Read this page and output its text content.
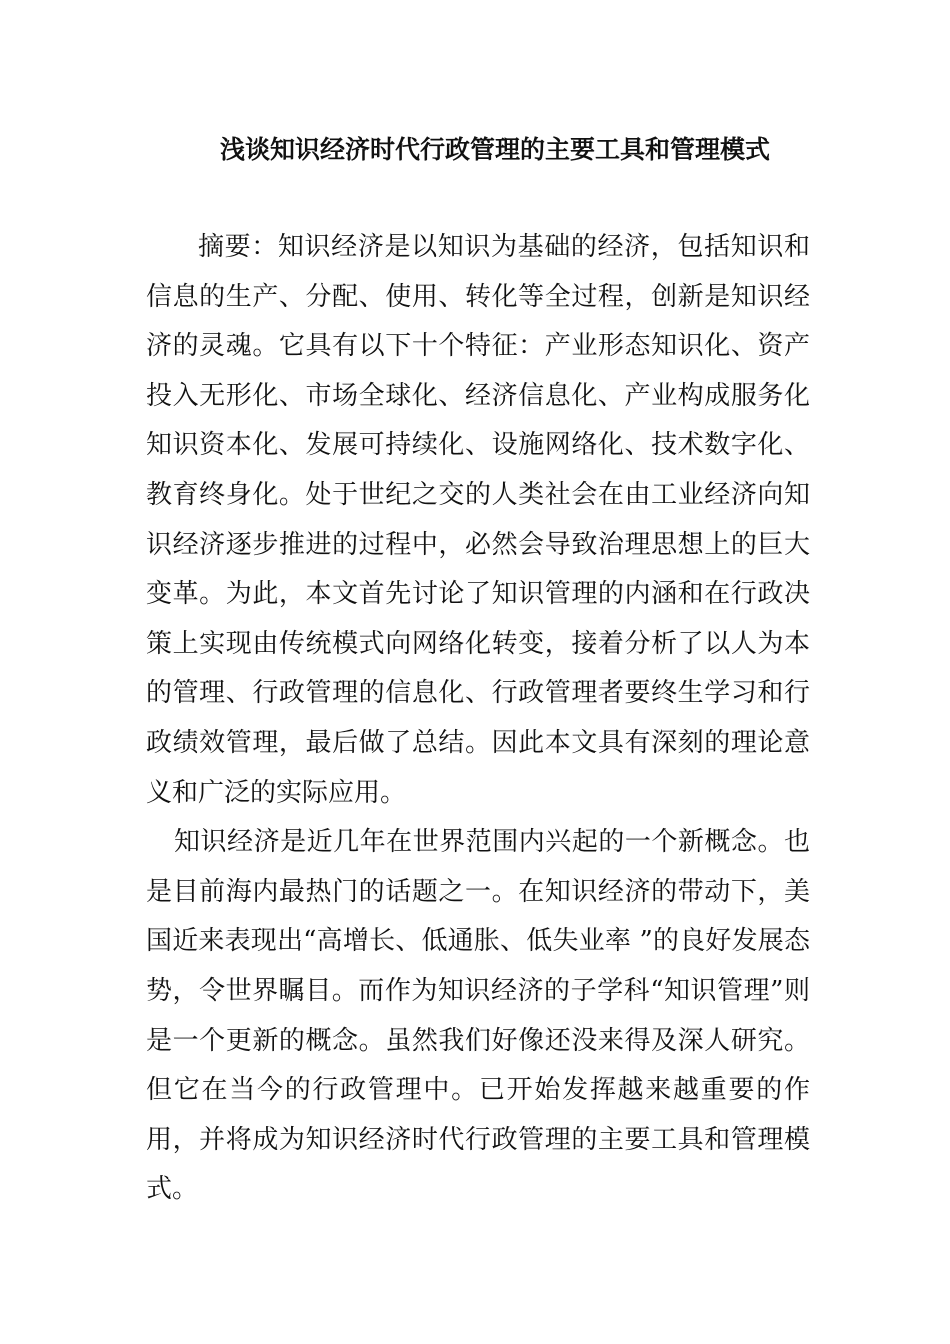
浅谈知识经济时代行政管理的主要工具和管理模式

摘要：知识经济是以知识为基础的经济，包括知识和信息的生产、分配、使用、转化等全过程，创新是知识经济的灵魂。它具有以下十个特征：产业形态知识化、资产投入无形化、市场全球化、经济信息化、产业构成服务化知识资本化、发展可持续化、设施网络化、技术数字化、教育终身化。处于世纪之交的人类社会在由工业经济向知识经济逐步推进的过程中，必然会导致治理思想上的巨大变革。为此，本文首先讨论了知识管理的内涵和在行政决策上实现由传统模式向网络化转变，接着分析了以人为本的管理、行政管理的信息化、行政管理者要终生学习和行政绩效管理，最后做了总结。因此本文具有深刻的理论意义和广泛的实际应用。

知识经济是近几年在世界范围内兴起的一个新概念。也是目前海内最热门的话题之一。在知识经济的带动下，美国近来表现出“高增长、低通胀、低失业率 ”的良好发展态势，令世界瞩目。而作为知识经济的子学科“知识管理”则是一个更新的概念。虽然我们好像还没来得及深人研究。但它在当今的行政管理中。已开始发挥越来越重要的作用，并将成为知识经济时代行政管理的主要工具和管理模式。
